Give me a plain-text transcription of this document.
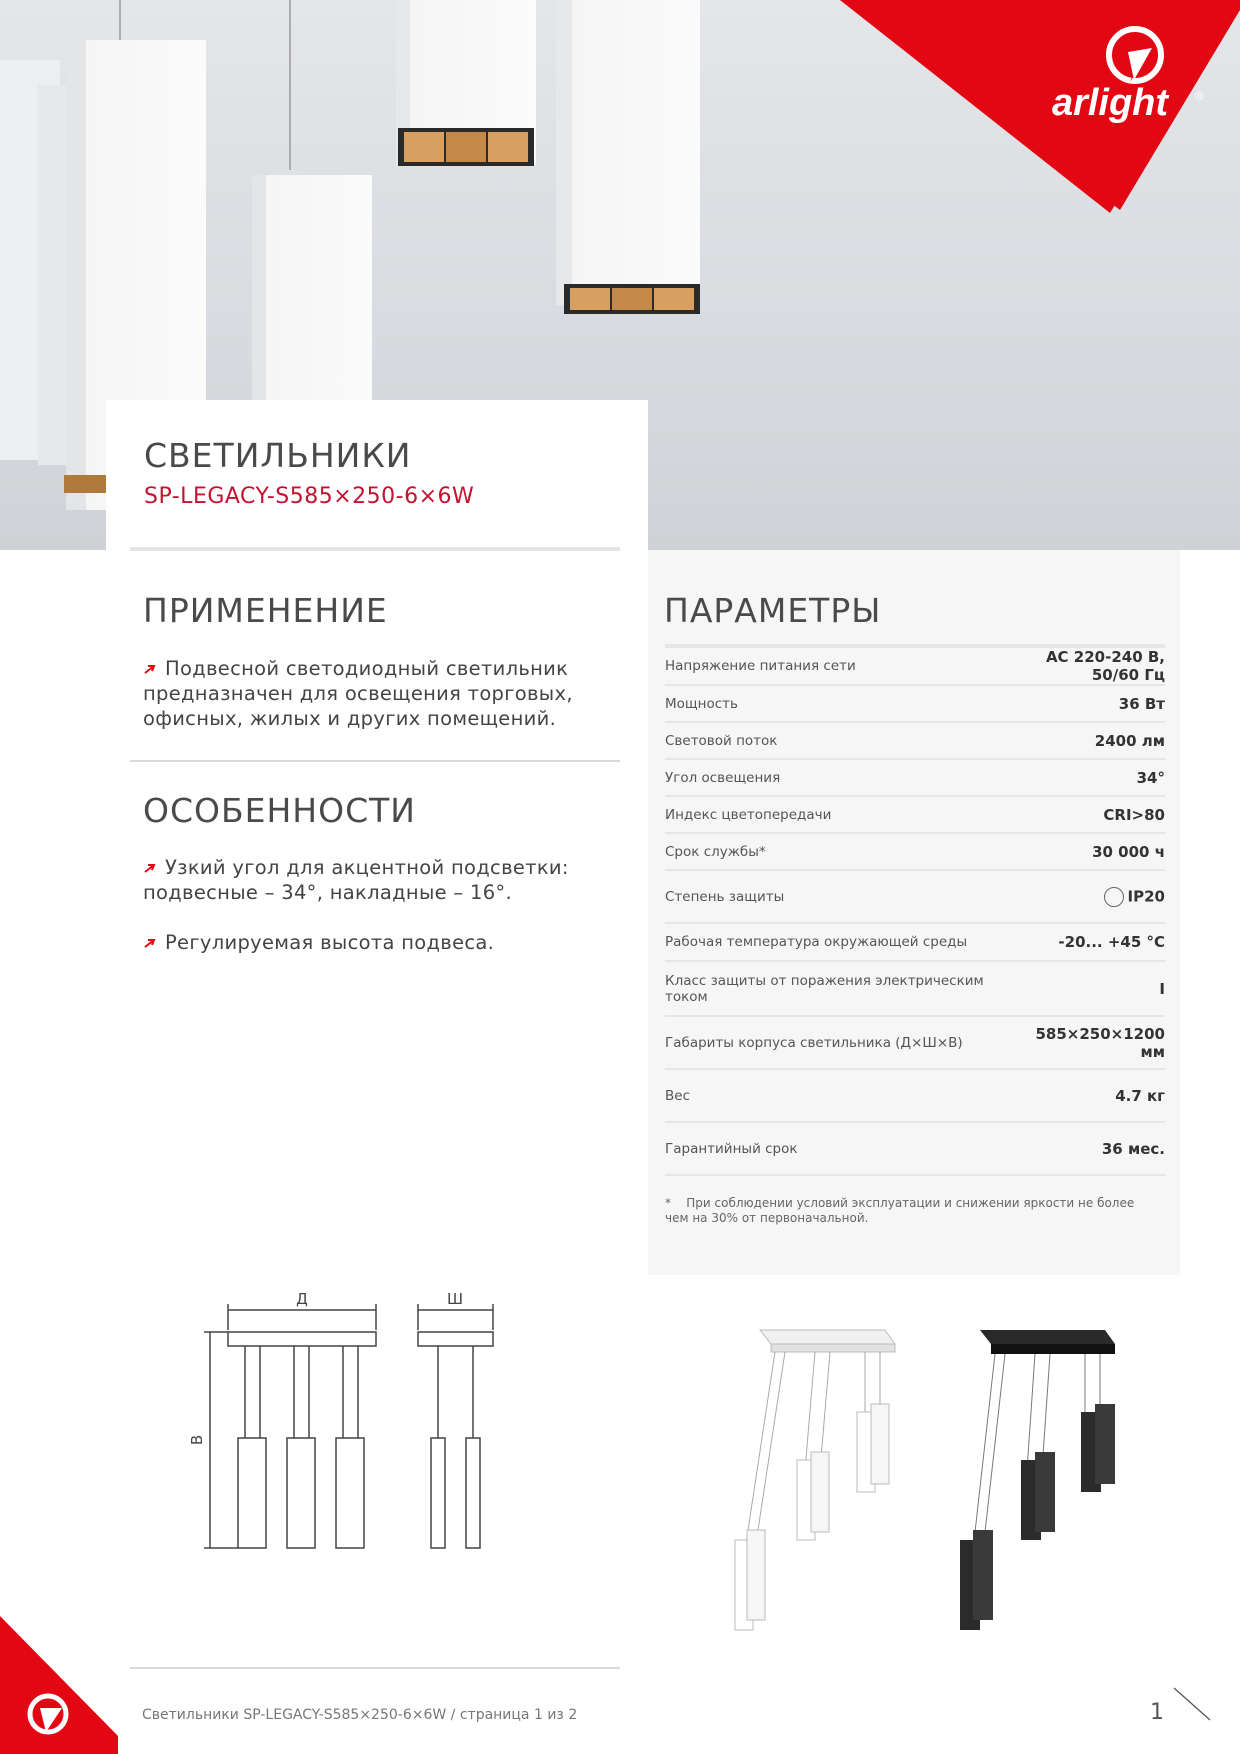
arlight ®
СВЕТИЛЬНИКИ
SP-LEGACY-S585×250-6×6W
ПРИМЕНЕНИЕ
Подвесной светодиодный светильник предназначен для освещения торговых, офисных, жилых и других помещений.
ОСОБЕННОСТИ
Узкий угол для акцентной подсветки: подвесные – 34°, накладные – 16°.
Регулируемая высота подвеса.
ПАРАМЕТРЫ
Напряжение питания сети	AC 220-240 В, 50/60 Гц
Мощность	36 Вт
Световой поток	2400 лм
Угол освещения	34°
Индекс цветопередачи	CRI>80
Срок службы*	30 000 ч
Степень защиты	IP20
Рабочая температура окружающей среды	-20... +45 °C
Класс защиты от поражения электрическим током	I
Габариты корпуса светильника (Д×Ш×В)	585×250×1200 мм
Вес	4.7 кг
Гарантийный срок	36 мес.
* При соблюдении условий эксплуатации и снижении яркости не более чем на 30% от первоначальной.
Д	Ш
В
Светильники SP-LEGACY-S585×250-6×6W / страница 1 из 2	1
